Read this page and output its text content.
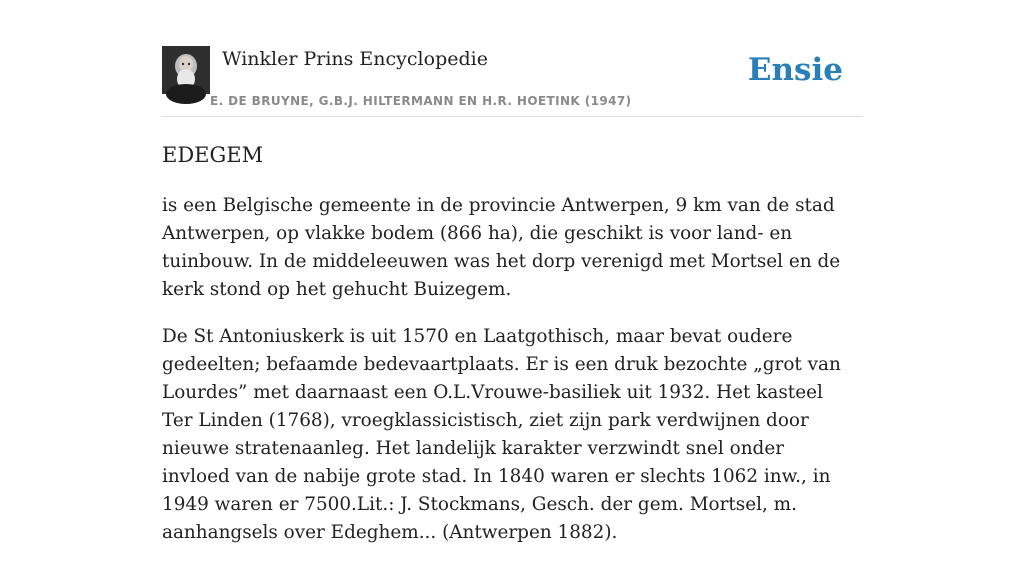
Winkler Prins Encyclopedie
E. DE BRUYNE, G.B.J. HILTERMANN EN H.R. HOETINK (1947)
Ensie
EDEGEM

is een Belgische gemeente in de provincie Antwerpen, 9 km van de stad Antwerpen, op vlakke bodem (866 ha), die geschikt is voor land- en tuinbouw. In de middeleeuwen was het dorp verenigd met Mortsel en de kerk stond op het gehucht Buizegem.

De St Antoniuskerk is uit 1570 en Laatgothisch, maar bevat oudere gedeelten; befaamde bedevaartplaats. Er is een druk bezochte „grot van Lourdes” met daarnaast een O.L.Vrouwe-basiliek uit 1932. Het kasteel Ter Linden (1768), vroegklassicistisch, ziet zijn park verdwijnen door nieuwe stratenaanleg. Het landelijk karakter verzwindt snel onder invloed van de nabije grote stad. In 1840 waren er slechts 1062 inw., in 1949 waren er 7500.Lit.: J. Stockmans, Gesch. der gem. Mortsel, m. aanhangsels over Edeghem... (Antwerpen 1882).
